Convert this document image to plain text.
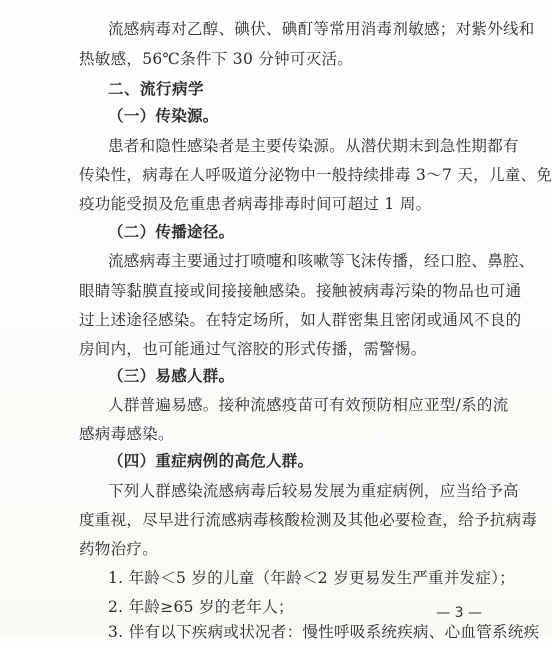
流感病毒对乙醇、碘伏、碘酊等常用消毒剂敏感；对紫外线和
热敏感，56℃条件下 30 分钟可灭活。
二、流行病学
（一）传染源。
患者和隐性感染者是主要传染源。从潜伏期末到急性期都有
传染性，病毒在人呼吸道分泌物中一般持续排毒 3～7 天，儿童、免
疫功能受损及危重患者病毒排毒时间可超过 1 周。
（二）传播途径。
流感病毒主要通过打喷嚏和咳嗽等飞沫传播，经口腔、鼻腔、
眼睛等黏膜直接或间接接触感染。接触被病毒污染的物品也可通
过上述途径感染。在特定场所，如人群密集且密闭或通风不良的
房间内，也可能通过气溶胶的形式传播，需警惕。
（三）易感人群。
人群普遍易感。接种流感疫苗可有效预防相应亚型/系的流
感病毒感染。
（四）重症病例的高危人群。
下列人群感染流感病毒后较易发展为重症病例，应当给予高
度重视，尽早进行流感病毒核酸检测及其他必要检查，给予抗病毒
药物治疗。
1. 年龄＜5 岁的儿童（年龄＜2 岁更易发生严重并发症）；
2. 年龄≥65 岁的老年人；
3. 伴有以下疾病或状况者：慢性呼吸系统疾病、心血管系统疾
— 3 —
